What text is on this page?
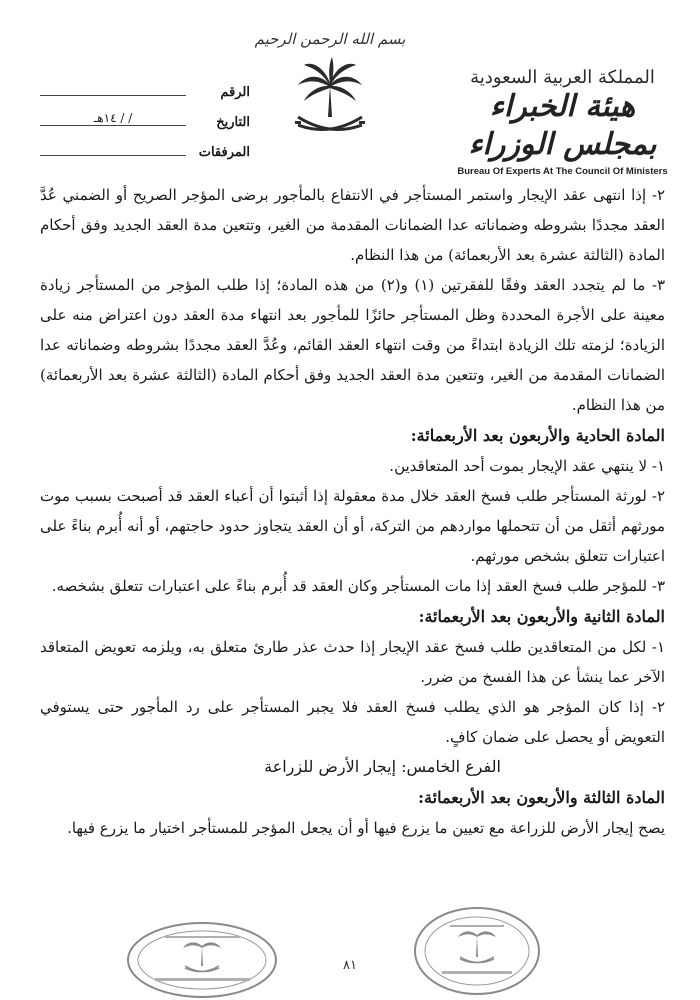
بسم الله الرحمن الرحيم
المملكة العربية السعودية
هيئة الخبراء بمجلس الوزراء
Bureau Of Experts At The Council Of Ministers
الرقم
التاريخ
/ / ١٤هـ
المرفقات

٢- إذا انتهى عقد الإيجار واستمر المستأجر في الانتفاع بالمأجور برضى المؤجر الصريح أو الضمني عُدَّ العقد مجددًا بشروطه وضماناته عدا الضمانات المقدمة من الغير، وتتعين مدة العقد الجديد وفق أحكام المادة (الثالثة عشرة بعد الأربعمائة) من هذا النظام.

٣- ما لم يتجدد العقد وفقًا للفقرتين (١) و(٢) من هذه المادة؛ إذا طلب المؤجر من المستأجر زيادة معينة على الأجرة المحددة وظل المستأجر حائزًا للمأجور بعد انتهاء مدة العقد دون اعتراض منه على الزيادة؛ لزمته تلك الزيادة ابتداءً من وقت انتهاء العقد القائم، وعُدَّ العقد مجددًا بشروطه وضماناته عدا الضمانات المقدمة من الغير، وتتعين مدة العقد الجديد وفق أحكام المادة (الثالثة عشرة بعد الأربعمائة) من هذا النظام.

المادة الحادية والأربعون بعد الأربعمائة:

١- لا ينتهي عقد الإيجار بموت أحد المتعاقدين.

٢- لورثة المستأجر طلب فسخ العقد خلال مدة معقولة إذا أثبتوا أن أعباء العقد قد أصبحت بسبب موت مورثهم أثقل من أن تتحملها مواردهم من التركة، أو أن العقد يتجاوز حدود حاجتهم، أو أنه أُبرم بناءً على اعتبارات تتعلق بشخص مورثهم.

٣- للمؤجر طلب فسخ العقد إذا مات المستأجر وكان العقد قد أُبرم بناءً على اعتبارات تتعلق بشخصه.

المادة الثانية والأربعون بعد الأربعمائة:

١- لكل من المتعاقدين طلب فسخ عقد الإيجار إذا حدث عذر طارئ متعلق به، ويلزمه تعويض المتعاقد الآخر عما ينشأ عن هذا الفسخ من ضرر.

٢- إذا كان المؤجر هو الذي يطلب فسخ العقد فلا يجبر المستأجر على رد المأجور حتى يستوفي التعويض أو يحصل على ضمان كافٍ.

الفرع الخامس: إيجار الأرض للزراعة

المادة الثالثة والأربعون بعد الأربعمائة:

يصح إيجار الأرض للزراعة مع تعيين ما يزرع فيها أو أن يجعل المؤجر للمستأجر اختيار ما يزرع فيها.

٨١
